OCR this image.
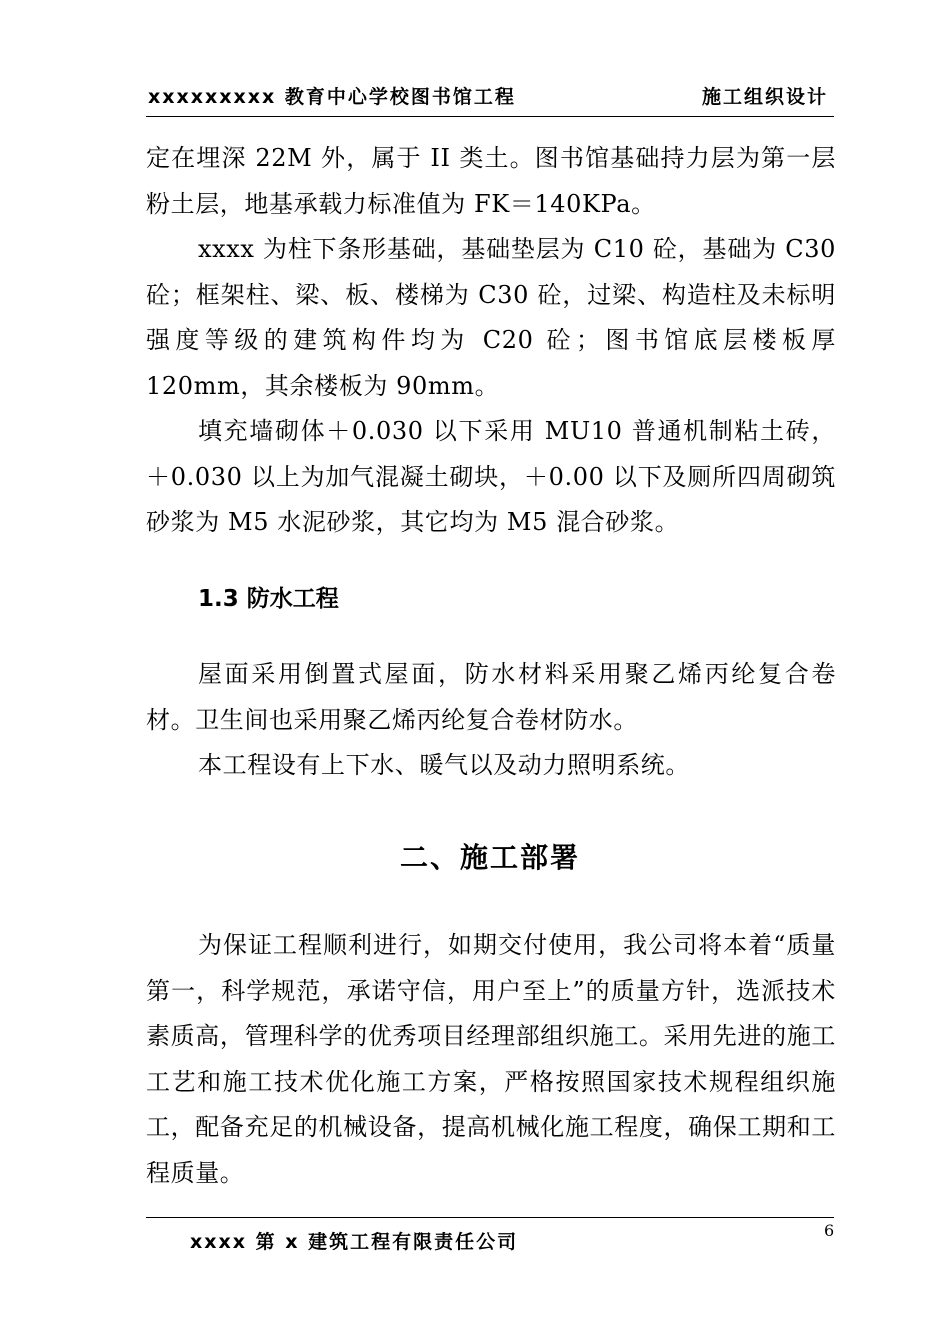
xxxxxxxxx 教育中心学校图书馆工程	施工组织设计

定在埋深 22M 外，属于 II 类土。图书馆基础持力层为第一层粉土层，地基承载力标准值为 FK＝140KPa。

xxxx 为柱下条形基础，基础垫层为 C10 砼，基础为 C30 砼；框架柱、梁、板、楼梯为 C30 砼，过梁、构造柱及未标明强度等级的建筑构件均为 C20 砼；图书馆底层楼板厚 120mm，其余楼板为 90mm。

填充墙砌体＋0.030 以下采用 MU10 普通机制粘土砖，＋0.030 以上为加气混凝土砌块，＋0.00 以下及厕所四周砌筑砂浆为 M5 水泥砂浆，其它均为 M5 混合砂浆。

1.3 防水工程

屋面采用倒置式屋面，防水材料采用聚乙烯丙纶复合卷材。卫生间也采用聚乙烯丙纶复合卷材防水。

本工程设有上下水、暖气以及动力照明系统。

二、施工部署

为保证工程顺利进行，如期交付使用，我公司将本着“质量第一，科学规范，承诺守信，用户至上”的质量方针，选派技术素质高，管理科学的优秀项目经理部组织施工。采用先进的施工工艺和施工技术优化施工方案，严格按照国家技术规程组织施工，配备充足的机械设备，提高机械化施工程度，确保工期和工程质量。

xxxx 第 x 建筑工程有限责任公司
6
